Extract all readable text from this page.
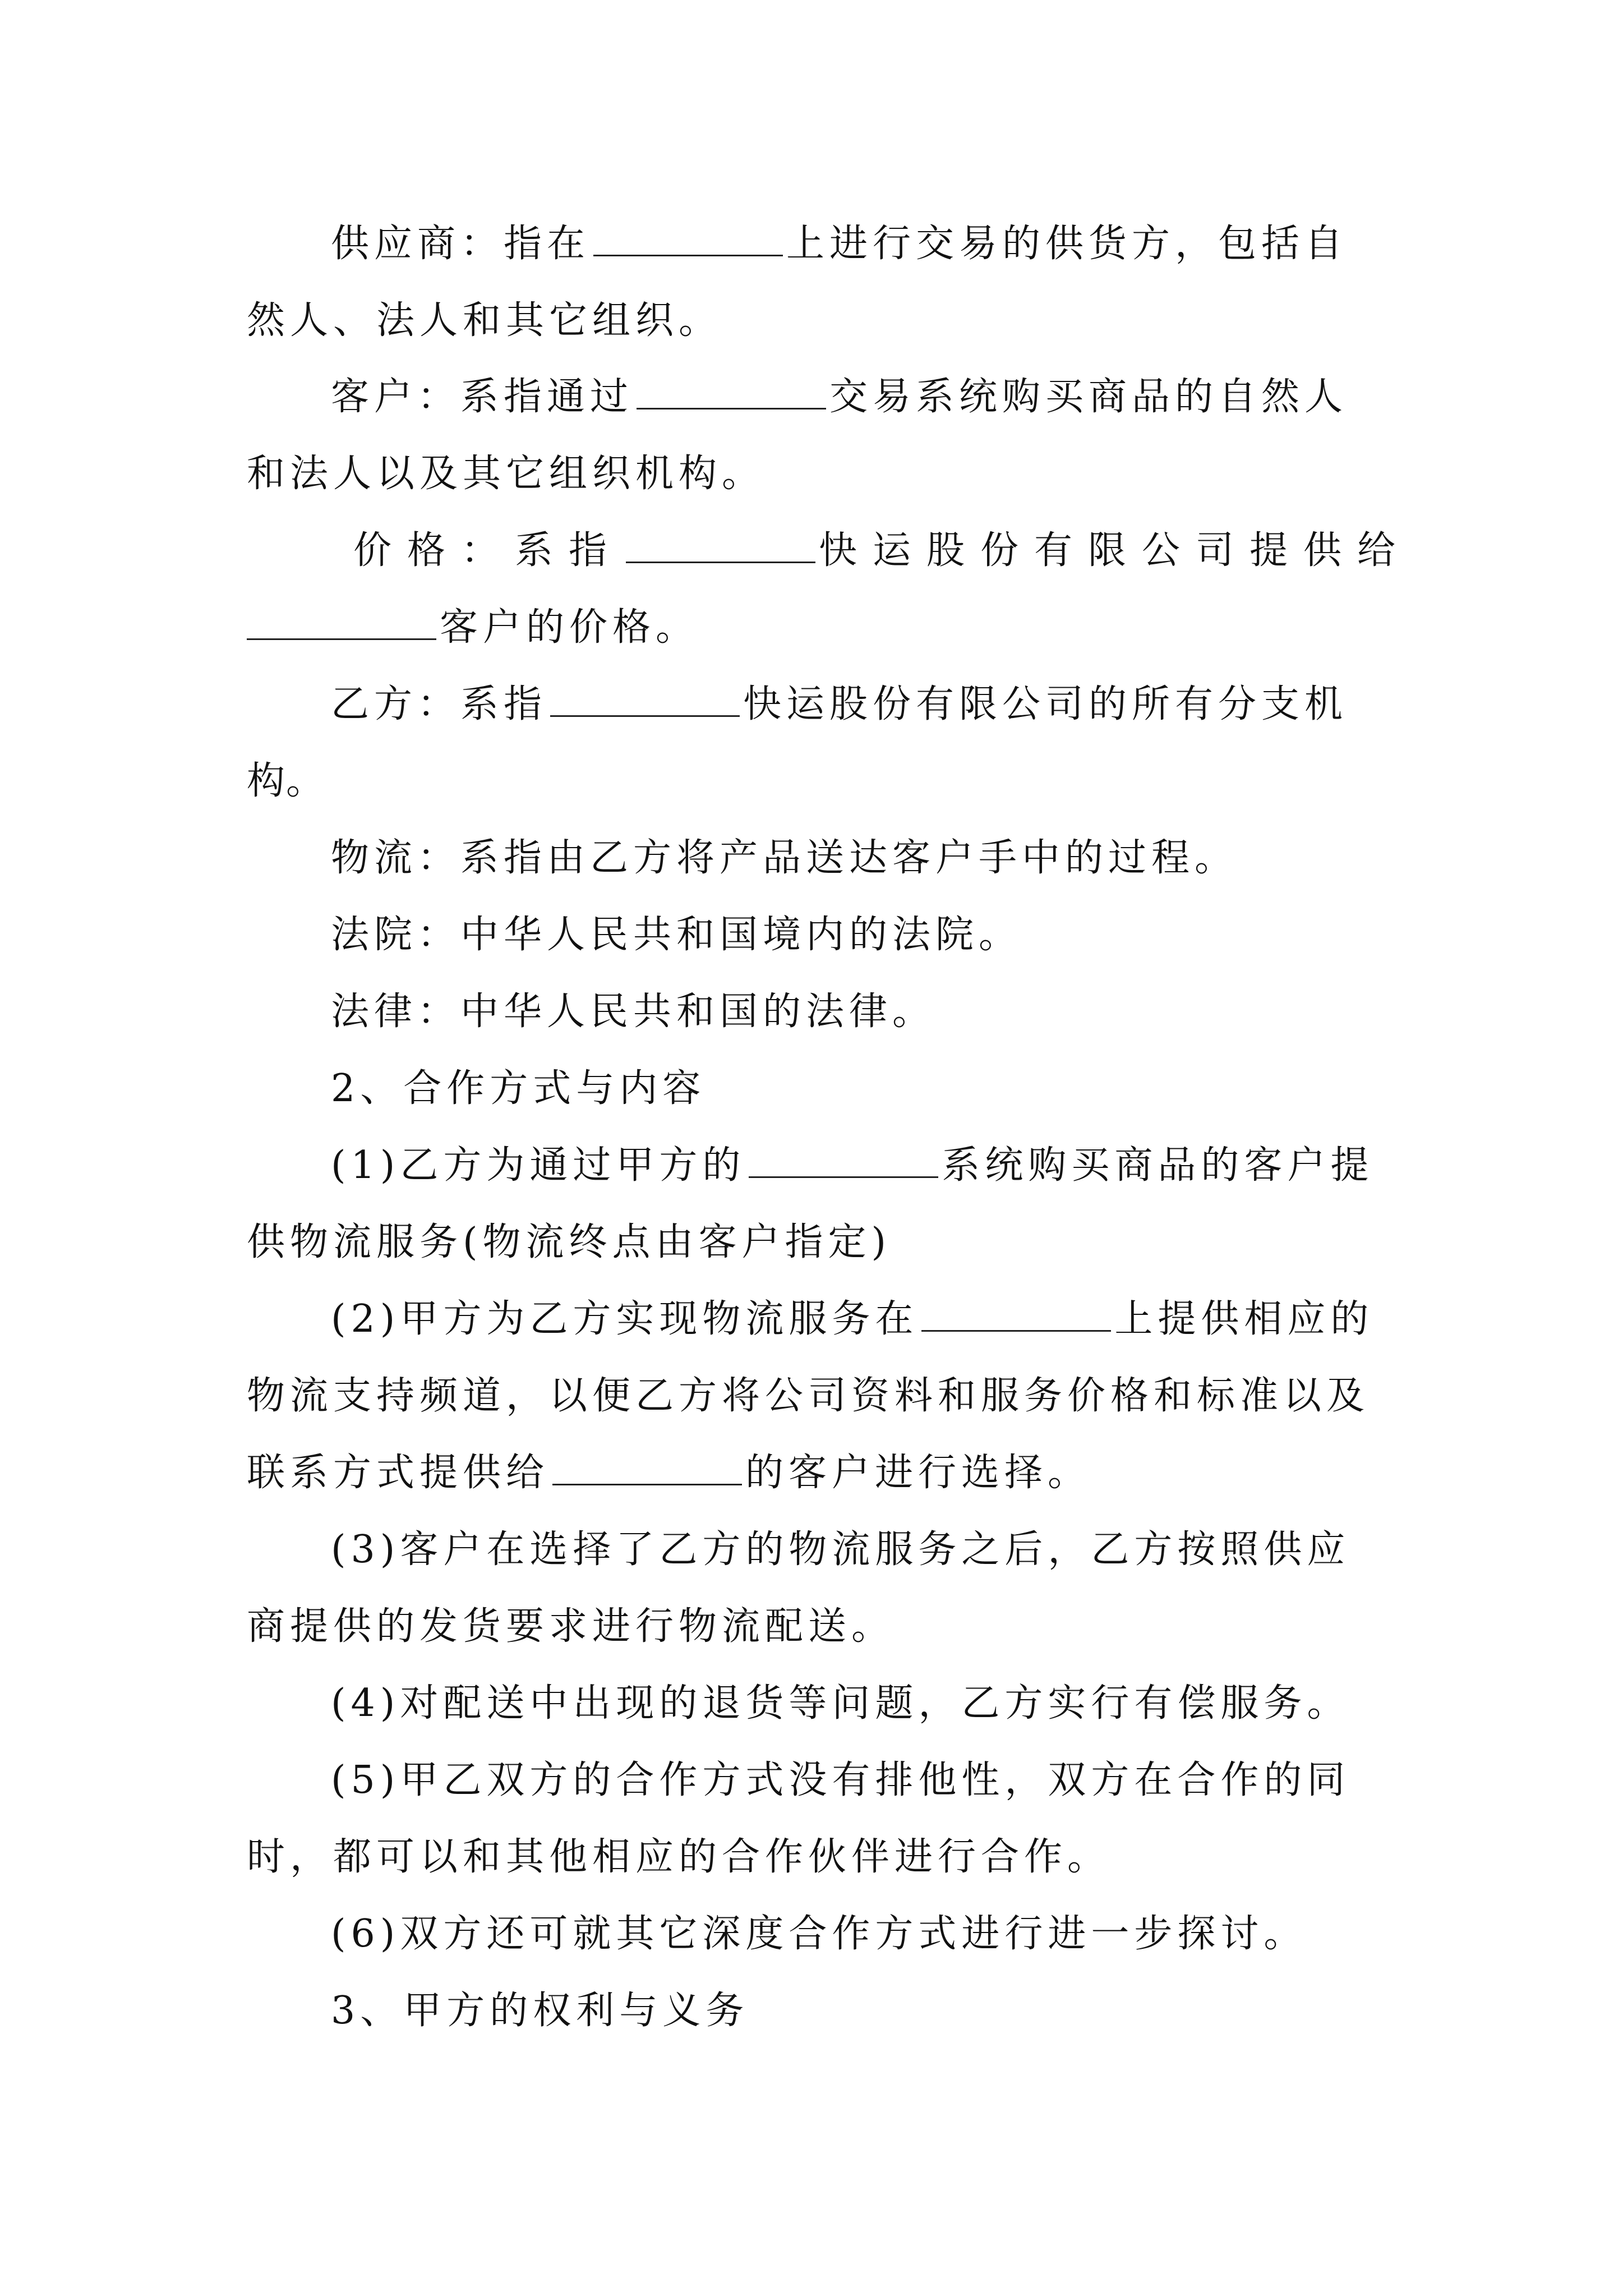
供应商：指在	上进行交易的供货方，包括自
然人、法人和其它组织。
客户：系指通过	交易系统购买商品的自然人
和法人以及其它组织机构。
价格：系指	快运股份有限公司提供给
客户的价格。
乙方：系指	快运股份有限公司的所有分支机
构。
物流：系指由乙方将产品送达客户手中的过程。
法院：中华人民共和国境内的法院。
法律：中华人民共和国的法律。
2、合作方式与内容
(1)乙方为通过甲方的	系统购买商品的客户提
供物流服务(物流终点由客户指定)
(2)甲方为乙方实现物流服务在	上提供相应的
物流支持频道，以便乙方将公司资料和服务价格和标准以及
联系方式提供给	的客户进行选择。
(3)客户在选择了乙方的物流服务之后，乙方按照供应
商提供的发货要求进行物流配送。
(4)对配送中出现的退货等问题，乙方实行有偿服务。
(5)甲乙双方的合作方式没有排他性，双方在合作的同
时，都可以和其他相应的合作伙伴进行合作。
(6)双方还可就其它深度合作方式进行进一步探讨。
3、甲方的权利与义务
